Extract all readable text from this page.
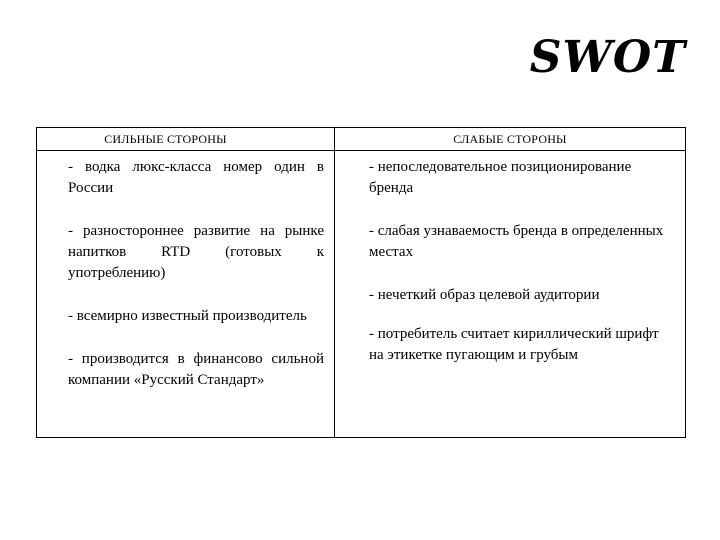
SWOT
СИЛЬНЫЕ СТОРОНЫ

- водка люкс-класса номер один в России

- разностороннее развитие на рынке напитков RTD (готовых к употреблению)

- всемирно известный производитель

- производится в финансово сильной компании «Русский Стандарт»

СЛАБЫЕ СТОРОНЫ

- непоследовательное позиционирование бренда

- слабая узнаваемость бренда в определенных местах

- нечеткий образ целевой аудитории

- потребитель считает кириллический шрифт на этикетке пугающим и грубым
